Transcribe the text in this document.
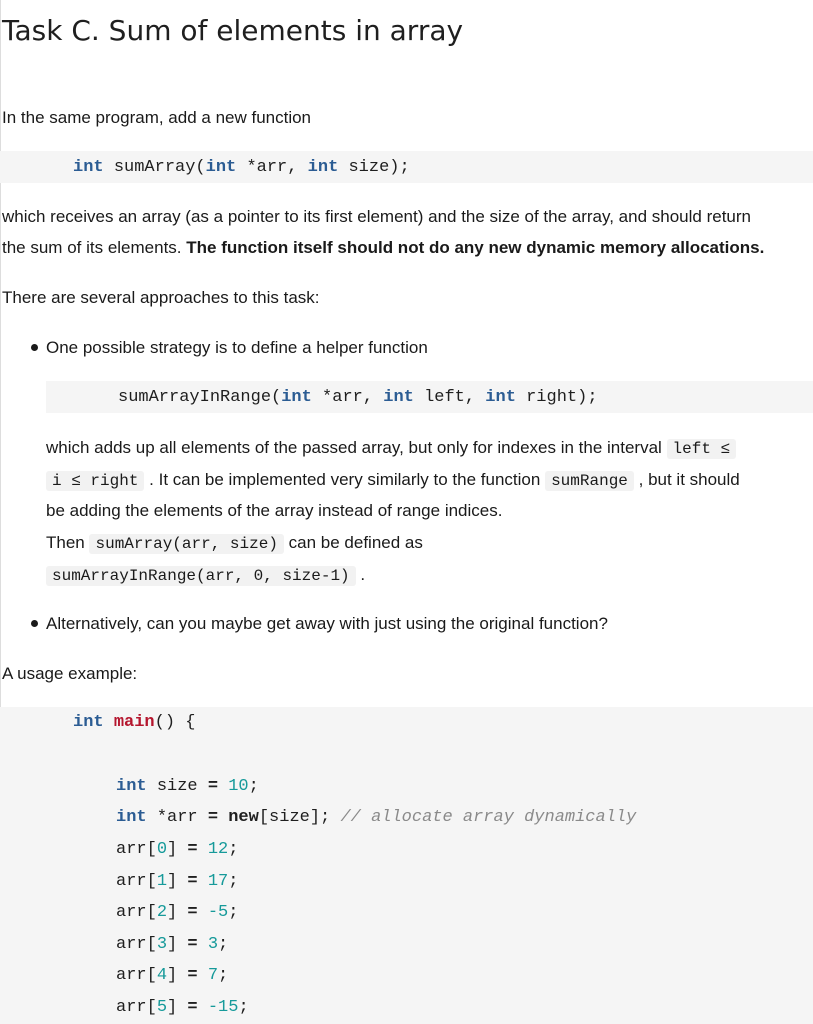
Task C. Sum of elements in array

In the same program, add a new function

int sumArray(int *arr, int size);

which receives an array (as a pointer to its first element) and the size of the array, and should return

the sum of its elements. The function itself should not do any new dynamic memory allocations.

There are several approaches to this task:

One possible strategy is to define a helper function

sumArrayInRange(int *arr, int left, int right);

which adds up all elements of the passed array, but only for indexes in the interval left ≤

i ≤ right . It can be implemented very similarly to the function sumRange , but it should

be adding the elements of the array instead of range indices.

Then sumArray(arr, size) can be defined as

sumArrayInRange(arr, 0, size-1) .

Alternatively, can you maybe get away with just using the original function?

A usage example:

int main() {
int size = 10;
int *arr = new[size]; // allocate array dynamically
arr[0] = 12;
arr[1] = 17;
arr[2] = -5;
arr[3] = 3;
arr[4] = 7;
arr[5] = -15;
